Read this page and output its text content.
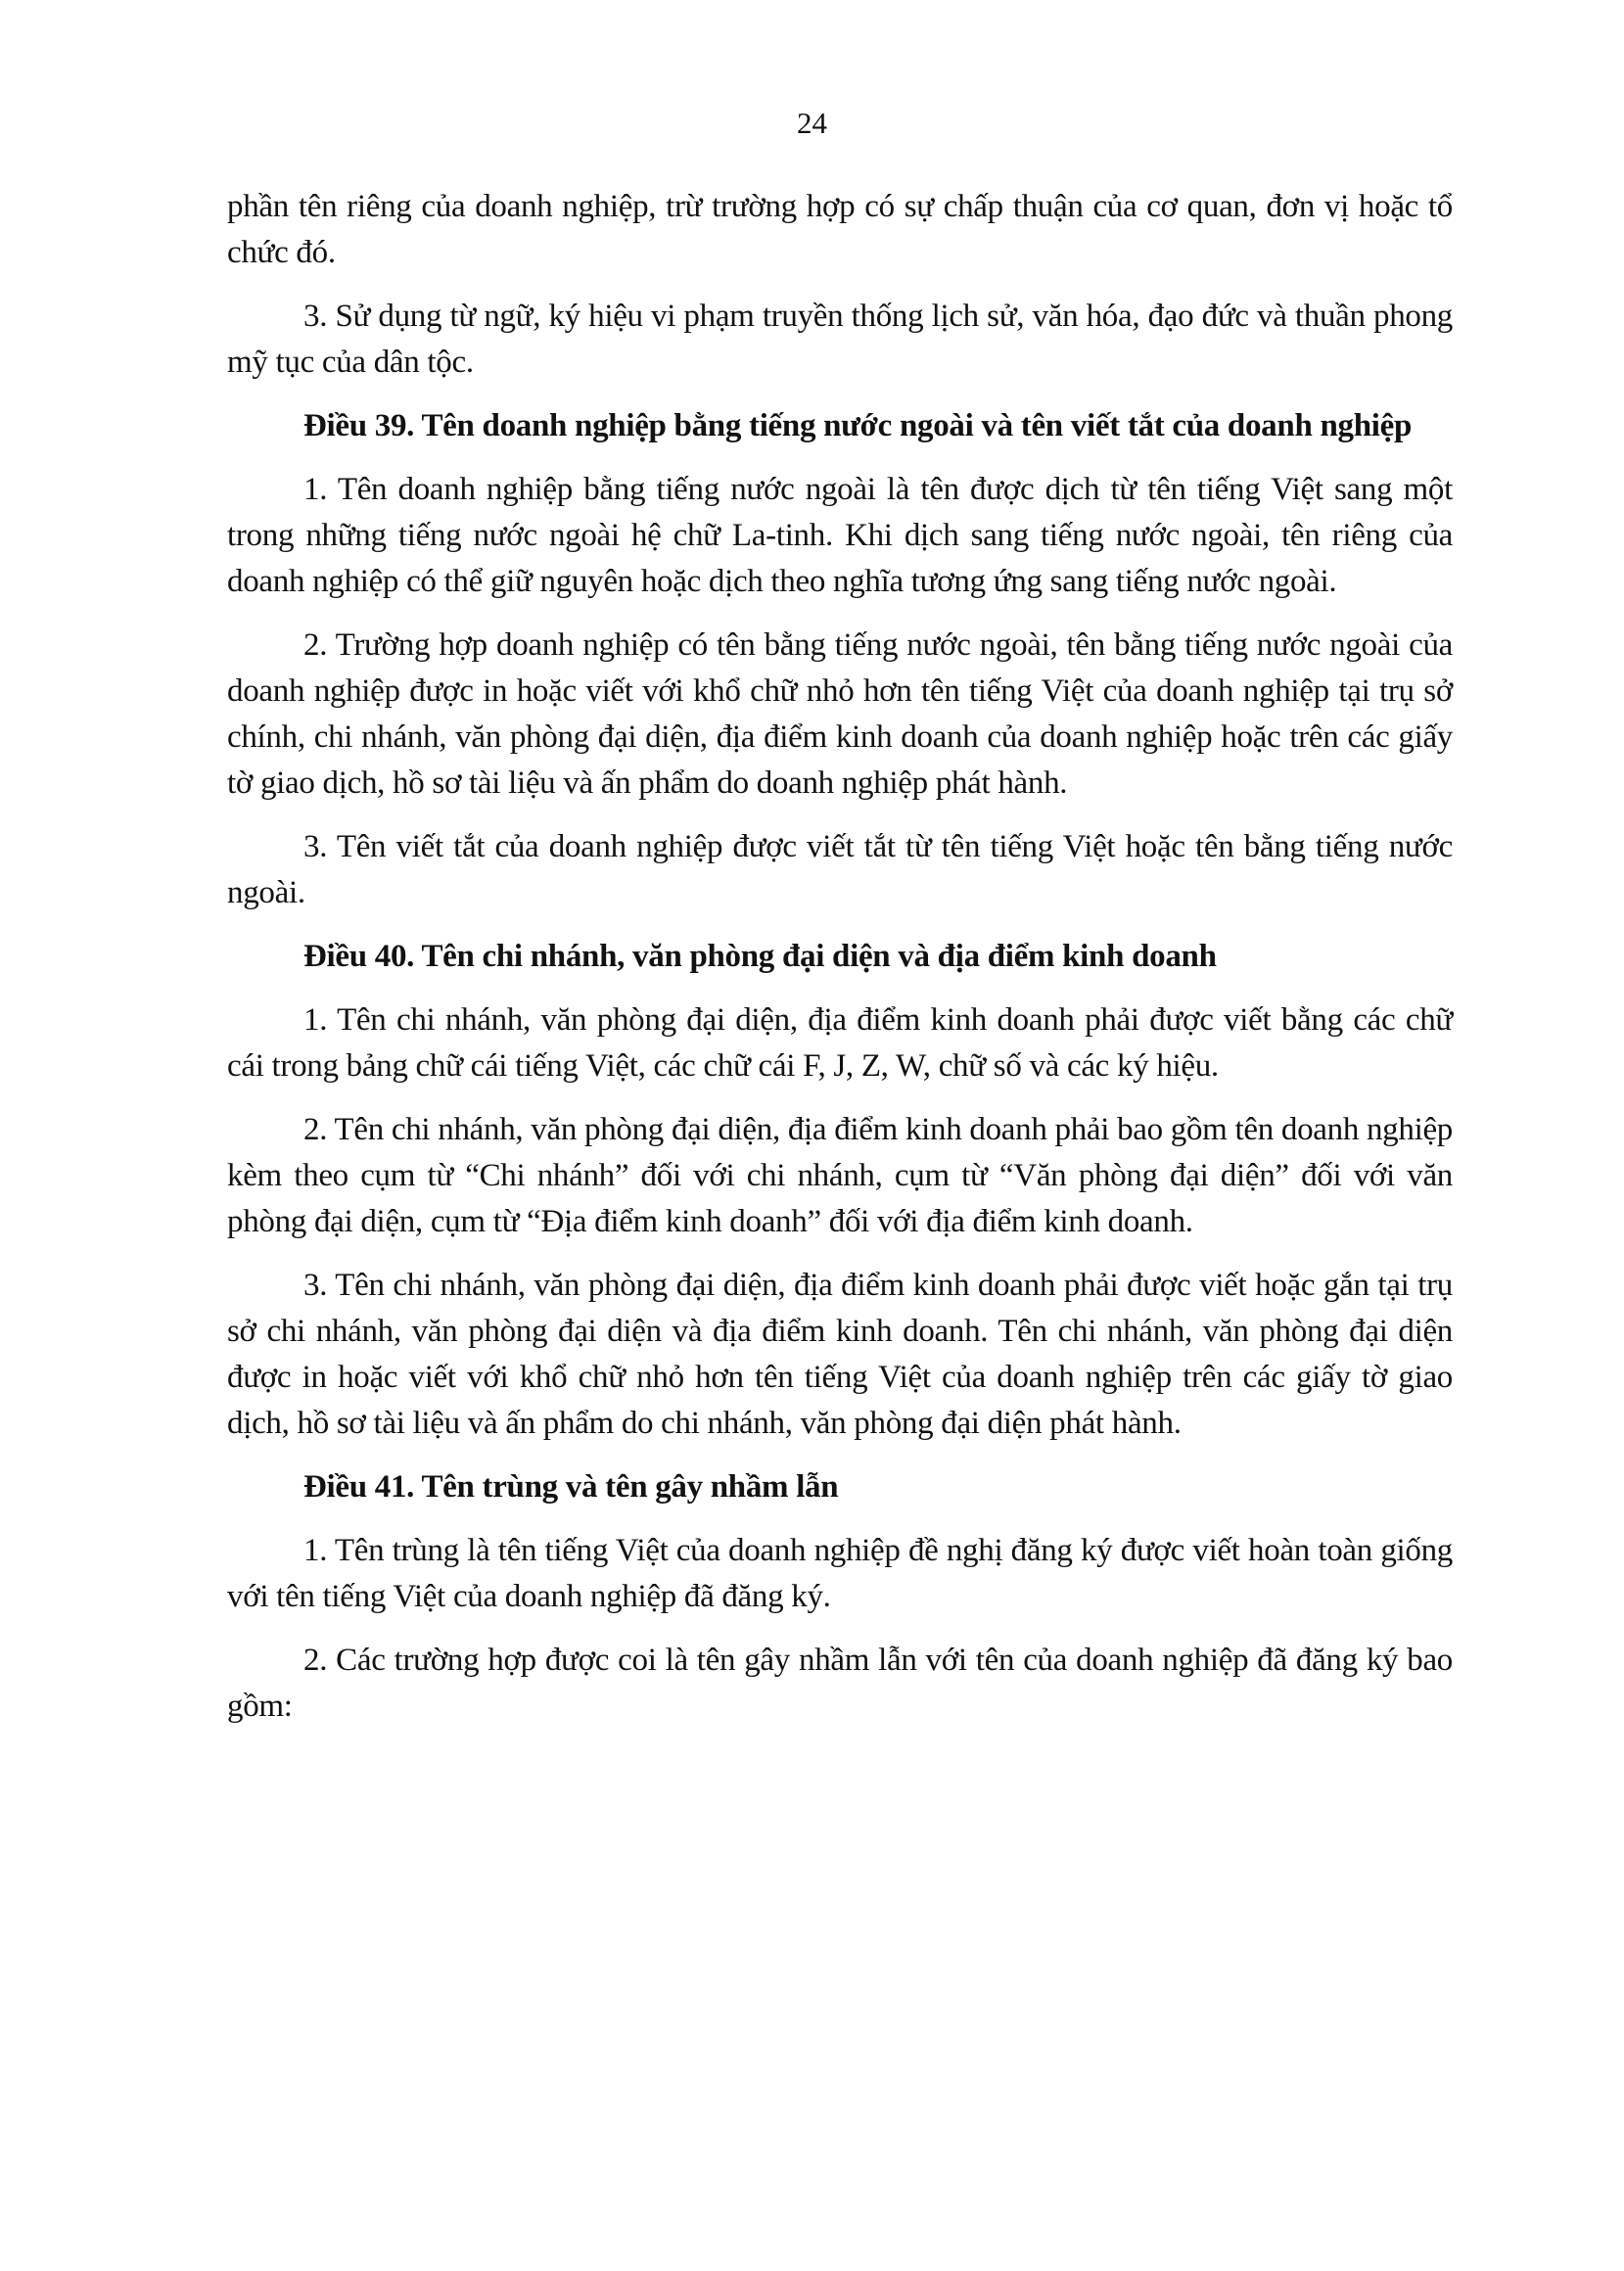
24

phần tên riêng của doanh nghiệp, trừ trường hợp có sự chấp thuận của cơ quan, đơn vị hoặc tổ chức đó.

3. Sử dụng từ ngữ, ký hiệu vi phạm truyền thống lịch sử, văn hóa, đạo đức và thuần phong mỹ tục của dân tộc.

Điều 39. Tên doanh nghiệp bằng tiếng nước ngoài và tên viết tắt của doanh nghiệp

1. Tên doanh nghiệp bằng tiếng nước ngoài là tên được dịch từ tên tiếng Việt sang một trong những tiếng nước ngoài hệ chữ La-tinh. Khi dịch sang tiếng nước ngoài, tên riêng của doanh nghiệp có thể giữ nguyên hoặc dịch theo nghĩa tương ứng sang tiếng nước ngoài.

2. Trường hợp doanh nghiệp có tên bằng tiếng nước ngoài, tên bằng tiếng nước ngoài của doanh nghiệp được in hoặc viết với khổ chữ nhỏ hơn tên tiếng Việt của doanh nghiệp tại trụ sở chính, chi nhánh, văn phòng đại diện, địa điểm kinh doanh của doanh nghiệp hoặc trên các giấy tờ giao dịch, hồ sơ tài liệu và ấn phẩm do doanh nghiệp phát hành.

3. Tên viết tắt của doanh nghiệp được viết tắt từ tên tiếng Việt hoặc tên bằng tiếng nước ngoài.

Điều 40. Tên chi nhánh, văn phòng đại diện và địa điểm kinh doanh

1. Tên chi nhánh, văn phòng đại diện, địa điểm kinh doanh phải được viết bằng các chữ cái trong bảng chữ cái tiếng Việt, các chữ cái F, J, Z, W, chữ số và các ký hiệu.

2. Tên chi nhánh, văn phòng đại diện, địa điểm kinh doanh phải bao gồm tên doanh nghiệp kèm theo cụm từ “Chi nhánh” đối với chi nhánh, cụm từ “Văn phòng đại diện” đối với văn phòng đại diện, cụm từ “Địa điểm kinh doanh” đối với địa điểm kinh doanh.

3. Tên chi nhánh, văn phòng đại diện, địa điểm kinh doanh phải được viết hoặc gắn tại trụ sở chi nhánh, văn phòng đại diện và địa điểm kinh doanh. Tên chi nhánh, văn phòng đại diện được in hoặc viết với khổ chữ nhỏ hơn tên tiếng Việt của doanh nghiệp trên các giấy tờ giao dịch, hồ sơ tài liệu và ấn phẩm do chi nhánh, văn phòng đại diện phát hành.

Điều 41. Tên trùng và tên gây nhầm lẫn

1. Tên trùng là tên tiếng Việt của doanh nghiệp đề nghị đăng ký được viết hoàn toàn giống với tên tiếng Việt của doanh nghiệp đã đăng ký.

2. Các trường hợp được coi là tên gây nhầm lẫn với tên của doanh nghiệp đã đăng ký bao gồm:
